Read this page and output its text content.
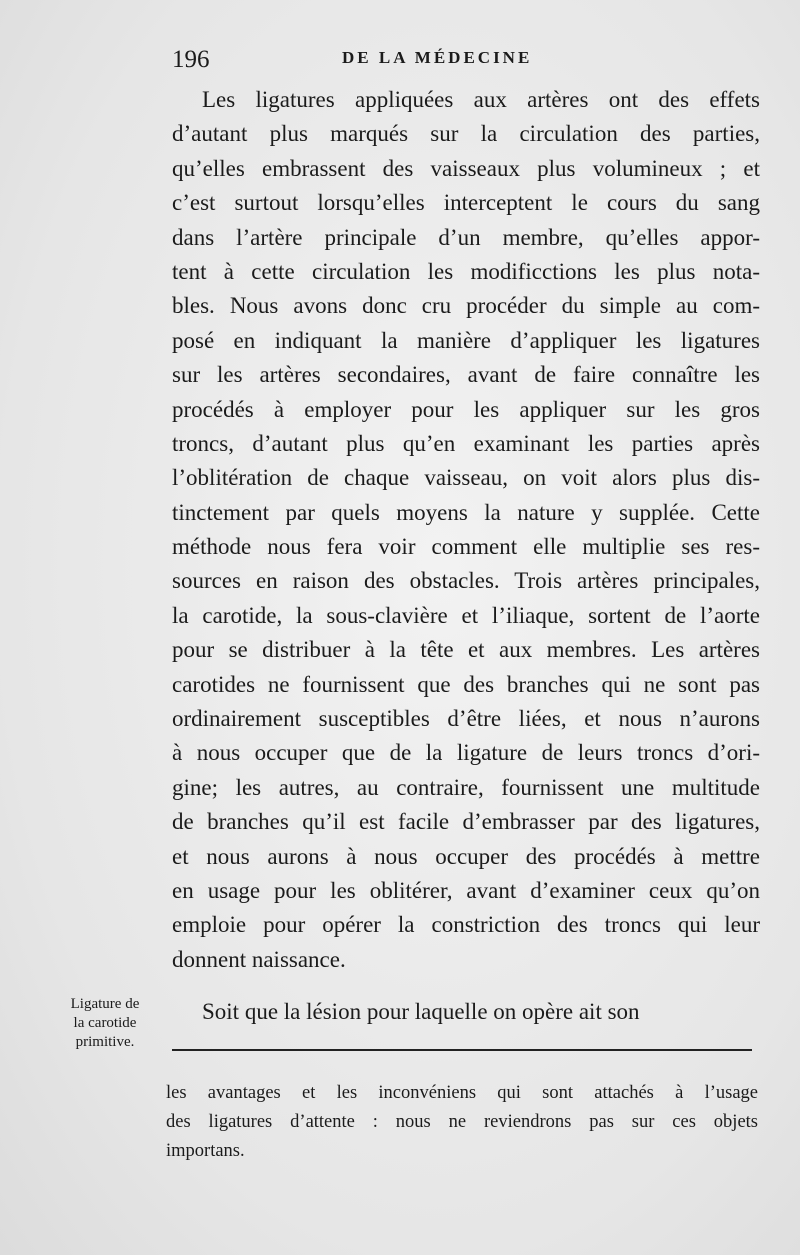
196	DE LA MÉDECINE
Les ligatures appliquées aux artères ont des effets
d’autant plus marqués sur la circulation des parties,
qu’elles embrassent des vaisseaux plus volumineux ; et
c’est surtout lorsqu’elles interceptent le cours du sang
dans l’artère principale d’un membre, qu’elles appor-
tent à cette circulation les modificctions les plus nota-
bles. Nous avons donc cru procéder du simple au com-
posé en indiquant la manière d’appliquer les ligatures
sur les artères secondaires, avant de faire connaître les
procédés à employer pour les appliquer sur les gros
troncs, d’autant plus qu’en examinant les parties après
l’oblitération de chaque vaisseau, on voit alors plus dis-
tinctement par quels moyens la nature y supplée. Cette
méthode nous fera voir comment elle multiplie ses res-
sources en raison des obstacles. Trois artères principales,
la carotide, la sous-clavière et l’iliaque, sortent de l’aorte
pour se distribuer à la tête et aux membres. Les artères
carotides ne fournissent que des branches qui ne sont pas
ordinairement susceptibles d’être liées, et nous n’aurons
à nous occuper que de la ligature de leurs troncs d’ori-
gine; les autres, au contraire, fournissent une multitude
de branches qu’il est facile d’embrasser par des ligatures,
et nous aurons à nous occuper des procédés à mettre
en usage pour les oblitérer, avant d’examiner ceux qu’on
emploie pour opérer la constriction des troncs qui leur
donnent naissance.
Ligature de
la carotide
primitive.
Soit que la lésion pour laquelle on opère ait son
les avantages et les inconvéniens qui sont attachés à l’usage
des ligatures d’attente : nous ne reviendrons pas sur ces objets
importans.
